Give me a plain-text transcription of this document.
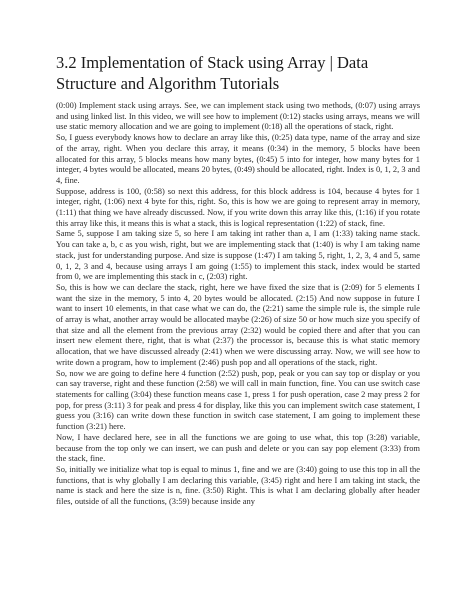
3.2 Implementation of Stack using Array | Data Structure and Algorithm Tutorials

(0:00) Implement stack using arrays. See, we can implement stack using two methods, (0:07) using arrays and using linked list. In this video, we will see how to implement (0:12) stacks using arrays, means we will use static memory allocation and we are going to implement (0:18) all the operations of stack, right.

So, I guess everybody knows how to declare an array like this, (0:25) data type, name of the array and size of the array, right. When you declare this array, it means (0:34) in the memory, 5 blocks have been allocated for this array, 5 blocks means how many bytes, (0:45) 5 into for integer, how many bytes for 1 integer, 4 bytes would be allocated, means 20 bytes, (0:49) should be allocated, right. Index is 0, 1, 2, 3 and 4, fine.

Suppose, address is 100, (0:58) so next this address, for this block address is 104, because 4 bytes for 1 integer, right, (1:06) next 4 byte for this, right. So, this is how we are going to represent array in memory, (1:11) that thing we have already discussed. Now, if you write down this array like this, (1:16) if you rotate this array like this, it means this is what a stack, this is logical representation (1:22) of stack, fine.

Same 5, suppose I am taking size 5, so here I am taking int rather than a, I am (1:33) taking name stack. You can take a, b, c as you wish, right, but we are implementing stack that (1:40) is why I am taking name stack, just for understanding purpose. And size is suppose (1:47) I am taking 5, right, 1, 2, 3, 4 and 5, same 0, 1, 2, 3 and 4, because using arrays I am going (1:55) to implement this stack, index would be started from 0, we are implementing this stack in c, (2:03) right.

So, this is how we can declare the stack, right, here we have fixed the size that is (2:09) for 5 elements I want the size in the memory, 5 into 4, 20 bytes would be allocated. (2:15) And now suppose in future I want to insert 10 elements, in that case what we can do, the (2:21) same the simple rule is, the simple rule of array is what, another array would be allocated maybe (2:26) of size 50 or how much size you specify of that size and all the element from the previous array (2:32) would be copied there and after that you can insert new element there, right, that is what (2:37) the processor is, because this is what static memory allocation, that we have discussed already (2:41) when we were discussing array. Now, we will see how to write down a program, how to implement (2:46) push pop and all operations of the stack, right.

So, now we are going to define here 4 function (2:52) push, pop, peak or you can say top or display or you can say traverse, right and these function (2:58) we will call in main function, fine. You can use switch case statements for calling (3:04) these function means case 1, press 1 for push operation, case 2 may press 2 for pop, for press (3:11) 3 for peak and press 4 for display, like this you can implement switch case statement, I guess you (3:16) can write down these function in switch case statement, I am going to implement these function (3:21) here.

Now, I have declared here, see in all the functions we are going to use what, this top (3:28) variable, because from the top only we can insert, we can push and delete or you can say pop element (3:33) from the stack, fine.

So, initially we initialize what top is equal to minus 1, fine and we are (3:40) going to use this top in all the functions, that is why globally I am declaring this variable, (3:45) right and here I am taking int stack, the name is stack and here the size is n, fine. (3:50) Right. This is what I am declaring globally after header files, outside of all the functions, (3:59) because inside any
